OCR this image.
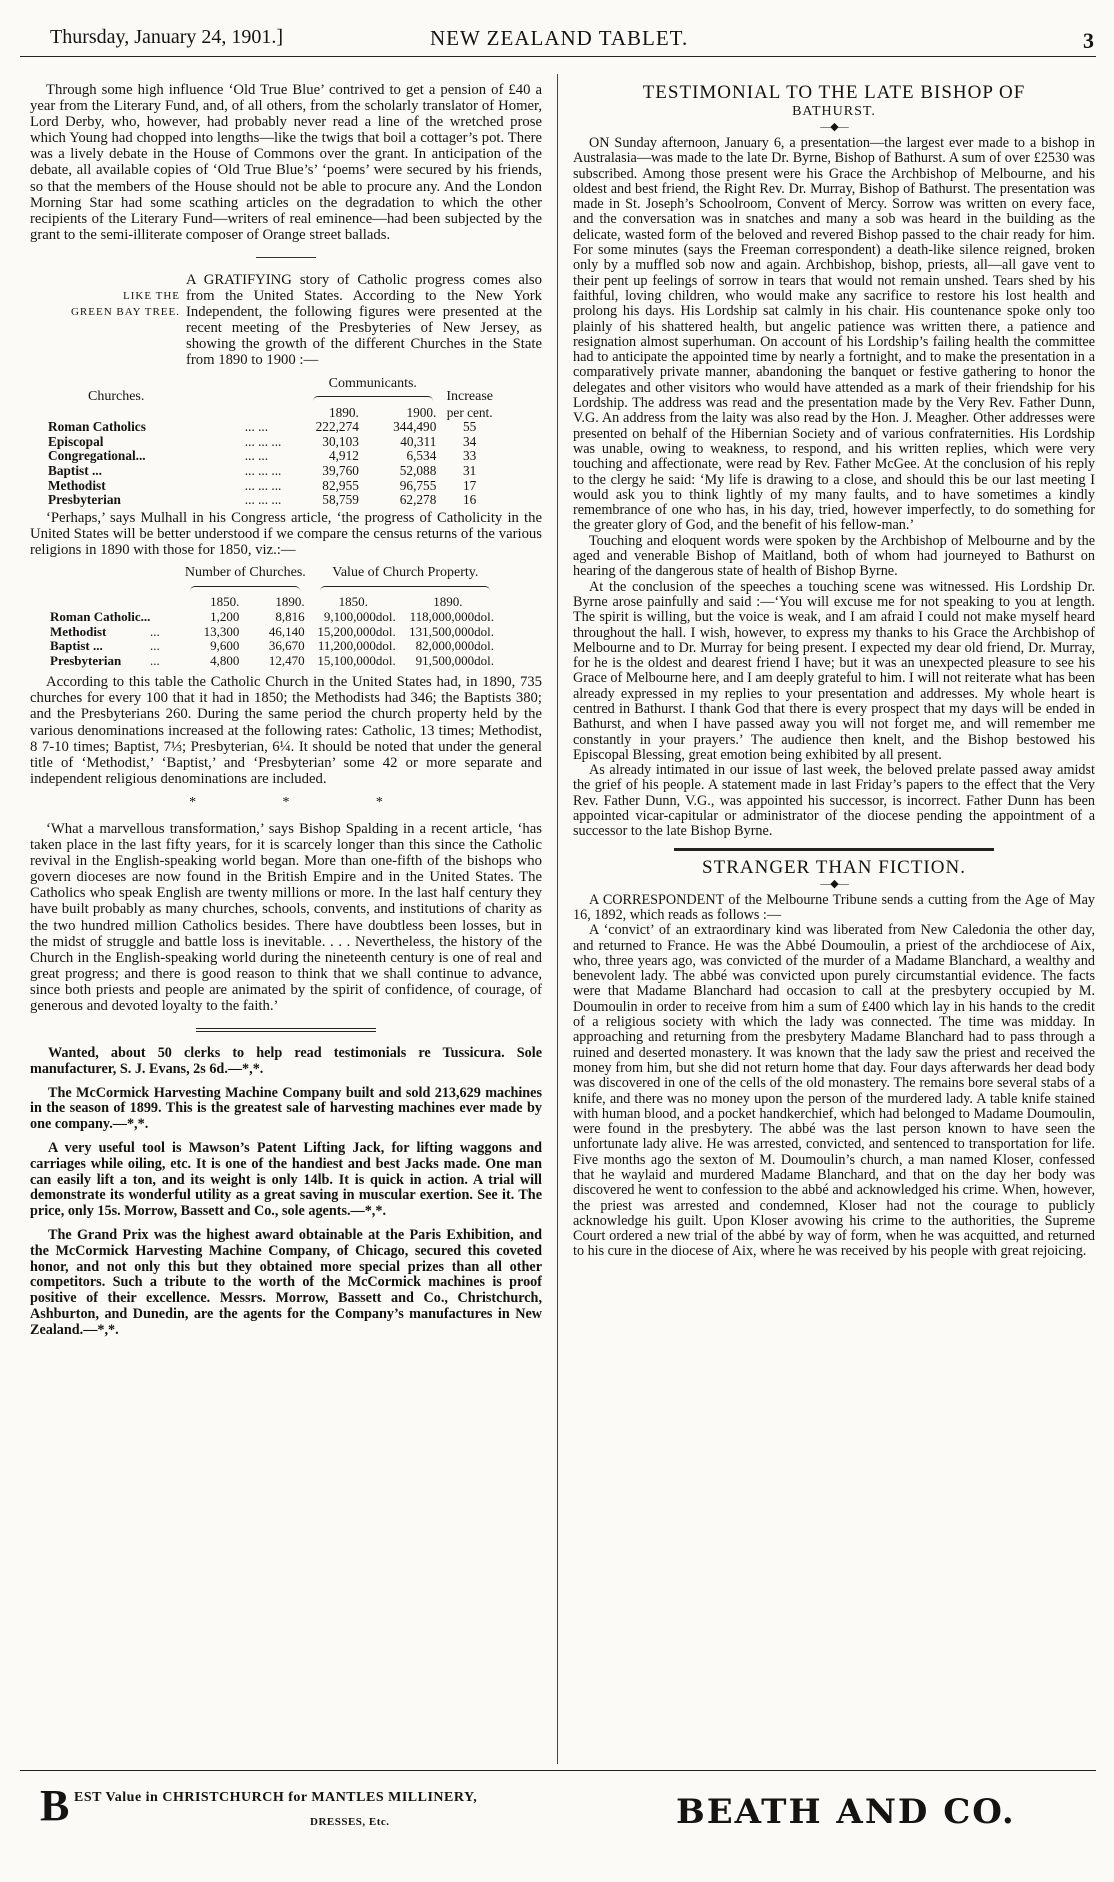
Thursday, January 24, 1901.]	NEW ZEALAND TABLET.	3

Through some high influence ‘Old True Blue’ contrived to get a pension of £40 a year from the Literary Fund, and, of all others, from the scholarly translator of Homer, Lord Derby, who, however, had probably never read a line of the wretched prose which Young had chopped into lengths—like the twigs that boil a cottager’s pot. There was a lively debate in the House of Commons over the grant. In anticipation of the debate, all available copies of ‘Old True Blue’s’ ‘poems’ were secured by his friends, so that the members of the House should not be able to procure any. And the London Morning Star had some scathing articles on the degradation to which the other recipients of the Literary Fund—writers of real eminence—had been subjected by the grant to the semi-illiterate composer of Orange street ballads.

LIKE THE
GREEN BAY TREE.

A GRATIFYING story of Catholic progress comes also from the United States. According to the New York Independent, the following figures were presented at the recent meeting of the Presbyteries of New Jersey, as showing the growth of the different Churches in the State from 1890 to 1900 :—

Churches.		Communicants.		Increase
		1890.	1900.	per cent.
Roman Catholics	... ...	222,274	344,490	55
Episcopal	... ... ...	30,103	40,311	34
Congregational...	... ...	4,912	6,534	33
Baptist ...	... ... ...	39,760	52,088	31
Methodist	... ... ...	82,955	96,755	17
Presbyterian	... ... ...	58,759	62,278	16

‘Perhaps,’ says Mulhall in his Congress article, ‘the progress of Catholicity in the United States will be better understood if we compare the census returns of the various religions in 1890 with those for 1850, viz.:—

		Number of Churches.		Value of Church Property.	

		1850.	1890.	1850.	1890.
Roman Catholic...		1,200	8,816	9,100,000dol.	118,000,000dol.
Methodist	...	13,300	46,140	15,200,000dol.	131,500,000dol.
Baptist ...	...	9,600	36,670	11,200,000dol.	82,000,000dol.
Presbyterian	...	4,800	12,470	15,100,000dol.	91,500,000dol.

According to this table the Catholic Church in the United States had, in 1890, 735 churches for every 100 that it had in 1850; the Methodists had 346; the Baptists 380; and the Presbyterians 260. During the same period the church property held by the various denominations increased at the following rates: Catholic, 13 times; Methodist, 8 7-10 times; Baptist, 7⅓; Presbyterian, 6¼. It should be noted that under the general title of ‘Methodist,’ ‘Baptist,’ and ‘Presbyterian’ some 42 or more separate and independent religious denominations are included.

*	*	*

‘What a marvellous transformation,’ says Bishop Spalding in a recent article, ‘has taken place in the last fifty years, for it is scarcely longer than this since the Catholic revival in the English-speaking world began. More than one-fifth of the bishops who govern dioceses are now found in the British Empire and in the United States. The Catholics who speak English are twenty millions or more. In the last half century they have built probably as many churches, schools, convents, and institutions of charity as the two hundred million Catholics besides. There have doubtless been losses, but in the midst of struggle and battle loss is inevitable. . . . Nevertheless, the history of the Church in the English-speaking world during the nineteenth century is one of real and great progress; and there is good reason to think that we shall continue to advance, since both priests and people are animated by the spirit of confidence, of courage, of generous and devoted loyalty to the faith.’

Wanted, about 50 clerks to help read testimonials re Tussicura. Sole manufacturer, S. J. Evans, 2s 6d.—*,*.

The McCormick Harvesting Machine Company built and sold 213,629 machines in the season of 1899. This is the greatest sale of harvesting machines ever made by one company.—*,*.

A very useful tool is Mawson’s Patent Lifting Jack, for lifting waggons and carriages while oiling, etc. It is one of the handiest and best Jacks made. One man can easily lift a ton, and its weight is only 14lb. It is quick in action. A trial will demonstrate its wonderful utility as a great saving in muscular exertion. See it. The price, only 15s. Morrow, Bassett and Co., sole agents.—*,*.

The Grand Prix was the highest award obtainable at the Paris Exhibition, and the McCormick Harvesting Machine Company, of Chicago, secured this coveted honor, and not only this but they obtained more special prizes than all other competitors. Such a tribute to the worth of the McCormick machines is proof positive of their excellence. Messrs. Morrow, Bassett and Co., Christchurch, Ashburton, and Dunedin, are the agents for the Company’s manufactures in New Zealand.—*,*.

TESTIMONIAL TO THE LATE BISHOP OF

BATHURST.

—◆—

ON Sunday afternoon, January 6, a presentation—the largest ever made to a bishop in Australasia—was made to the late Dr. Byrne, Bishop of Bathurst. A sum of over £2530 was subscribed. Among those present were his Grace the Archbishop of Melbourne, and his oldest and best friend, the Right Rev. Dr. Murray, Bishop of Bathurst. The presentation was made in St. Joseph’s Schoolroom, Convent of Mercy. Sorrow was written on every face, and the conversation was in snatches and many a sob was heard in the building as the delicate, wasted form of the beloved and revered Bishop passed to the chair ready for him. For some minutes (says the Freeman correspondent) a death-like silence reigned, broken only by a muffled sob now and again. Archbishop, bishop, priests, all—all gave vent to their pent up feelings of sorrow in tears that would not remain unshed. Tears shed by his faithful, loving children, who would make any sacrifice to restore his lost health and prolong his days. His Lordship sat calmly in his chair. His countenance spoke only too plainly of his shattered health, but angelic patience was written there, a patience and resignation almost superhuman. On account of his Lordship’s failing health the committee had to anticipate the appointed time by nearly a fortnight, and to make the presentation in a comparatively private manner, abandoning the banquet or festive gathering to honor the delegates and other visitors who would have attended as a mark of their friendship for his Lordship. The address was read and the presentation made by the Very Rev. Father Dunn, V.G. An address from the laity was also read by the Hon. J. Meagher. Other addresses were presented on behalf of the Hibernian Society and of various confraternities. His Lordship was unable, owing to weakness, to respond, and his written replies, which were very touching and affectionate, were read by Rev. Father McGee. At the conclusion of his reply to the clergy he said: ‘My life is drawing to a close, and should this be our last meeting I would ask you to think lightly of my many faults, and to have sometimes a kindly remembrance of one who has, in his day, tried, however imperfectly, to do something for the greater glory of God, and the benefit of his fellow-man.’

Touching and eloquent words were spoken by the Archbishop of Melbourne and by the aged and venerable Bishop of Maitland, both of whom had journeyed to Bathurst on hearing of the dangerous state of health of Bishop Byrne.

At the conclusion of the speeches a touching scene was witnessed. His Lordship Dr. Byrne arose painfully and said :—‘You will excuse me for not speaking to you at length. The spirit is willing, but the voice is weak, and I am afraid I could not make myself heard throughout the hall. I wish, however, to express my thanks to his Grace the Archbishop of Melbourne and to Dr. Murray for being present. I expected my dear old friend, Dr. Murray, for he is the oldest and dearest friend I have; but it was an unexpected pleasure to see his Grace of Melbourne here, and I am deeply grateful to him. I will not reiterate what has been already expressed in my replies to your presentation and addresses. My whole heart is centred in Bathurst. I thank God that there is every prospect that my days will be ended in Bathurst, and when I have passed away you will not forget me, and will remember me constantly in your prayers.’ The audience then knelt, and the Bishop bestowed his Episcopal Blessing, great emotion being exhibited by all present.

As already intimated in our issue of last week, the beloved prelate passed away amidst the grief of his people. A statement made in last Friday’s papers to the effect that the Very Rev. Father Dunn, V.G., was appointed his successor, is incorrect. Father Dunn has been appointed vicar-capitular or administrator of the diocese pending the appointment of a successor to the late Bishop Byrne.

STRANGER THAN FICTION.

—◆—

A CORRESPONDENT of the Melbourne Tribune sends a cutting from the Age of May 16, 1892, which reads as follows :—

A ‘convict’ of an extraordinary kind was liberated from New Caledonia the other day, and returned to France. He was the Abbé Doumoulin, a priest of the archdiocese of Aix, who, three years ago, was convicted of the murder of a Madame Blanchard, a wealthy and benevolent lady. The abbé was convicted upon purely circumstantial evidence. The facts were that Madame Blanchard had occasion to call at the presbytery occupied by M. Doumoulin in order to receive from him a sum of £400 which lay in his hands to the credit of a religious society with which the lady was connected. The time was midday. In approaching and returning from the presbytery Madame Blanchard had to pass through a ruined and deserted monastery. It was known that the lady saw the priest and received the money from him, but she did not return home that day. Four days afterwards her dead body was discovered in one of the cells of the old monastery. The remains bore several stabs of a knife, and there was no money upon the person of the murdered lady. A table knife stained with human blood, and a pocket handkerchief, which had belonged to Madame Doumoulin, were found in the presbytery. The abbé was the last person known to have seen the unfortunate lady alive. He was arrested, convicted, and sentenced to transportation for life. Five months ago the sexton of M. Doumoulin’s church, a man named Kloser, confessed that he waylaid and murdered Madame Blanchard, and that on the day her body was discovered he went to confession to the abbé and acknowledged his crime. When, however, the priest was arrested and condemned, Kloser had not the courage to publicly acknowledge his guilt. Upon Kloser avowing his crime to the authorities, the Supreme Court ordered a new trial of the abbé by way of form, when he was acquitted, and returned to his cure in the diocese of Aix, where he was received by his people with great rejoicing.

B EST Value in CHRISTCHURCH for MANTLES MILLINERY,
DRESSES, Etc.	BEATH AND CO.
